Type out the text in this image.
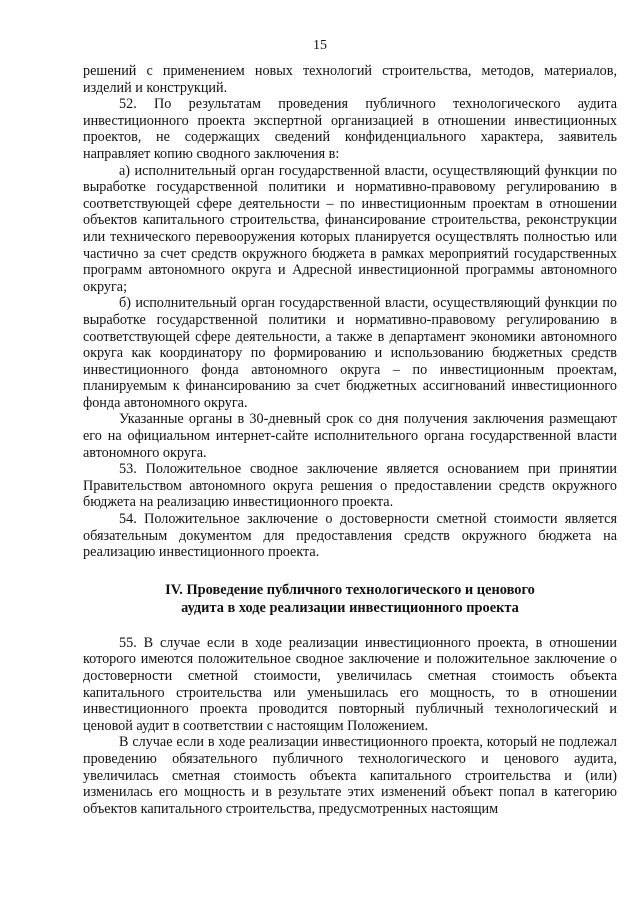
15

решений с применением новых технологий строительства, методов, материалов, изделий и конструкций.

52. По результатам проведения публичного технологического аудита инвестиционного проекта экспертной организацией в отношении инвестиционных проектов, не содержащих сведений конфиденциального характера, заявитель направляет копию сводного заключения в:

а) исполнительный орган государственной власти, осуществляющий функции по выработке государственной политики и нормативно-правовому регулированию в соответствующей сфере деятельности – по инвестиционным проектам в отношении объектов капитального строительства, финансирование строительства, реконструкции или технического перевооружения которых планируется осуществлять полностью или частично за счет средств окружного бюджета в рамках мероприятий государственных программ автономного округа и Адресной инвестиционной программы автономного округа;

б) исполнительный орган государственной власти, осуществляющий функции по выработке государственной политики и нормативно-правовому регулированию в соответствующей сфере деятельности, а также в департамент экономики автономного округа как координатору по формированию и использованию бюджетных средств инвестиционного фонда автономного округа – по инвестиционным проектам, планируемым к финансированию за счет бюджетных ассигнований инвестиционного фонда автономного округа.

Указанные органы в 30-дневный срок со дня получения заключения размещают его на официальном интернет-сайте исполнительного органа государственной власти автономного округа.

53. Положительное сводное заключение является основанием при принятии Правительством автономного округа решения о предоставлении средств окружного бюджета на реализацию инвестиционного проекта.

54. Положительное заключение о достоверности сметной стоимости является обязательным документом для предоставления средств окружного бюджета на реализацию инвестиционного проекта.

IV. Проведение публичного технологического и ценового
аудита в ходе реализации инвестиционного проекта

55. В случае если в ходе реализации инвестиционного проекта, в отношении которого имеются положительное сводное заключение и положительное заключение о достоверности сметной стоимости, увеличилась сметная стоимость объекта капитального строительства или уменьшилась его мощность, то в отношении инвестиционного проекта проводится повторный публичный технологический и ценовой аудит в соответствии с настоящим Положением.

В случае если в ходе реализации инвестиционного проекта, который не подлежал проведению обязательного публичного технологического и ценового аудита, увеличилась сметная стоимость объекта капитального строительства и (или) изменилась его мощность и в результате этих изменений объект попал в категорию объектов капитального строительства, предусмотренных настоящим
